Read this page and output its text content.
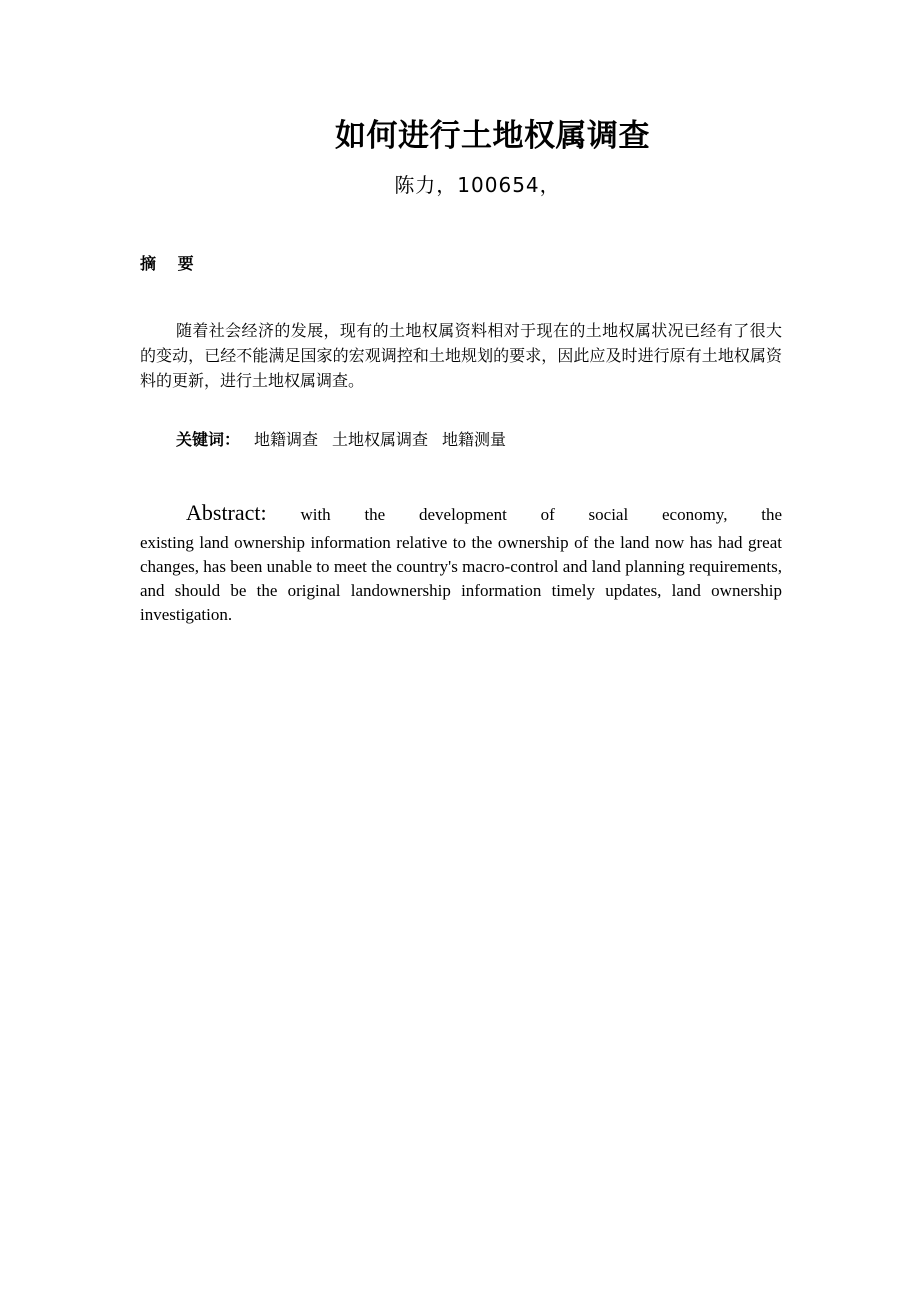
如何进行土地权属调查

陈力，100654，

摘 要

随着社会经济的发展，现有的土地权属资料相对于现在的土地权属状况已经有了很大的变动，已经不能满足国家的宏观调控和土地规划的要求，因此应及时进行原有土地权属资料的更新，进行土地权属调查。

关键词： 地籍调查 土地权属调查 地籍测量

Abstract: with the development of social economy, the
existing land ownership information relative to the ownership of the land now has had great changes, has been unable to meet the country's macro-control and land planning requirements, and should be the original landownership information timely updates, land ownership investigation.
